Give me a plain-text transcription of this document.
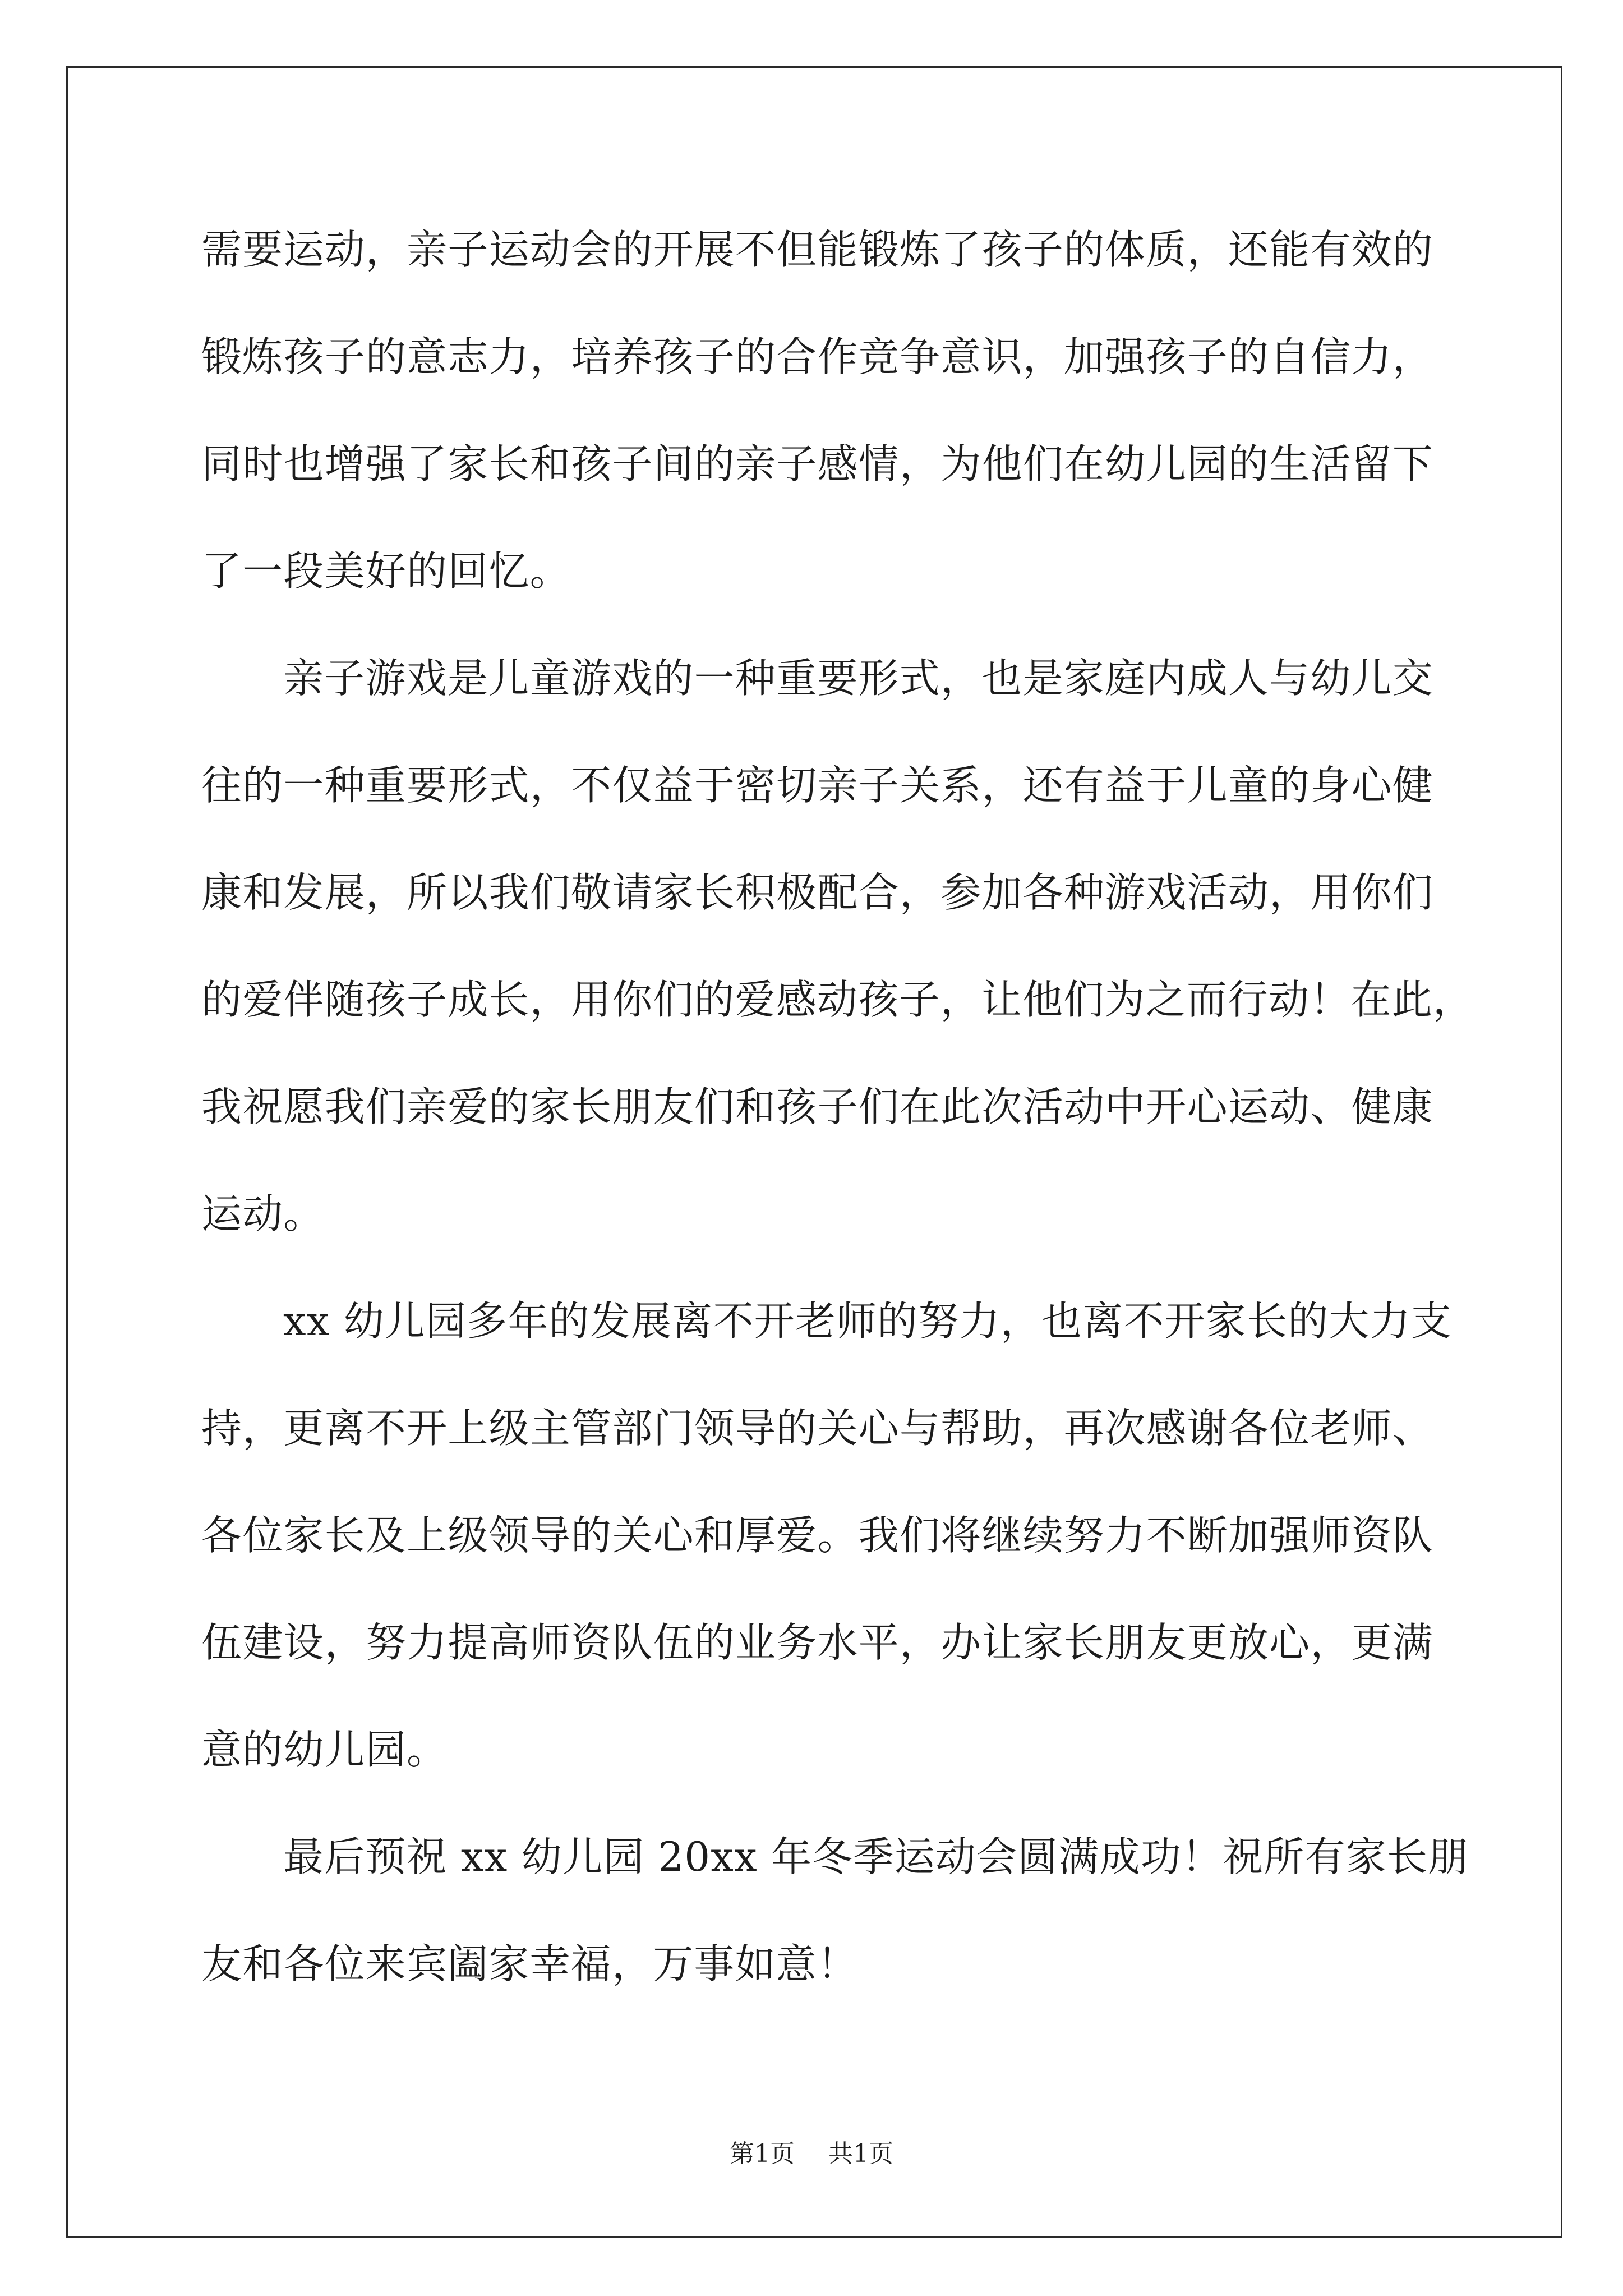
需要运动，亲子运动会的开展不但能锻炼了孩子的体质，还能有效的
锻炼孩子的意志力，培养孩子的合作竞争意识，加强孩子的自信力，
同时也增强了家长和孩子间的亲子感情，为他们在幼儿园的生活留下
了一段美好的回忆。
亲子游戏是儿童游戏的一种重要形式，也是家庭内成人与幼儿交
往的一种重要形式，不仅益于密切亲子关系，还有益于儿童的身心健
康和发展，所以我们敬请家长积极配合，参加各种游戏活动，用你们
的爱伴随孩子成长，用你们的爱感动孩子，让他们为之而行动！在此，
我祝愿我们亲爱的家长朋友们和孩子们在此次活动中开心运动、健康
运动。
xx 幼儿园多年的发展离不开老师的努力，也离不开家长的大力支
持，更离不开上级主管部门领导的关心与帮助，再次感谢各位老师、
各位家长及上级领导的关心和厚爱。我们将继续努力不断加强师资队
伍建设，努力提高师资队伍的业务水平，办让家长朋友更放心，更满
意的幼儿园。
最后预祝 xx 幼儿园 20xx 年冬季运动会圆满成功！祝所有家长朋
友和各位来宾阖家幸福，万事如意！
第1页 共1页
